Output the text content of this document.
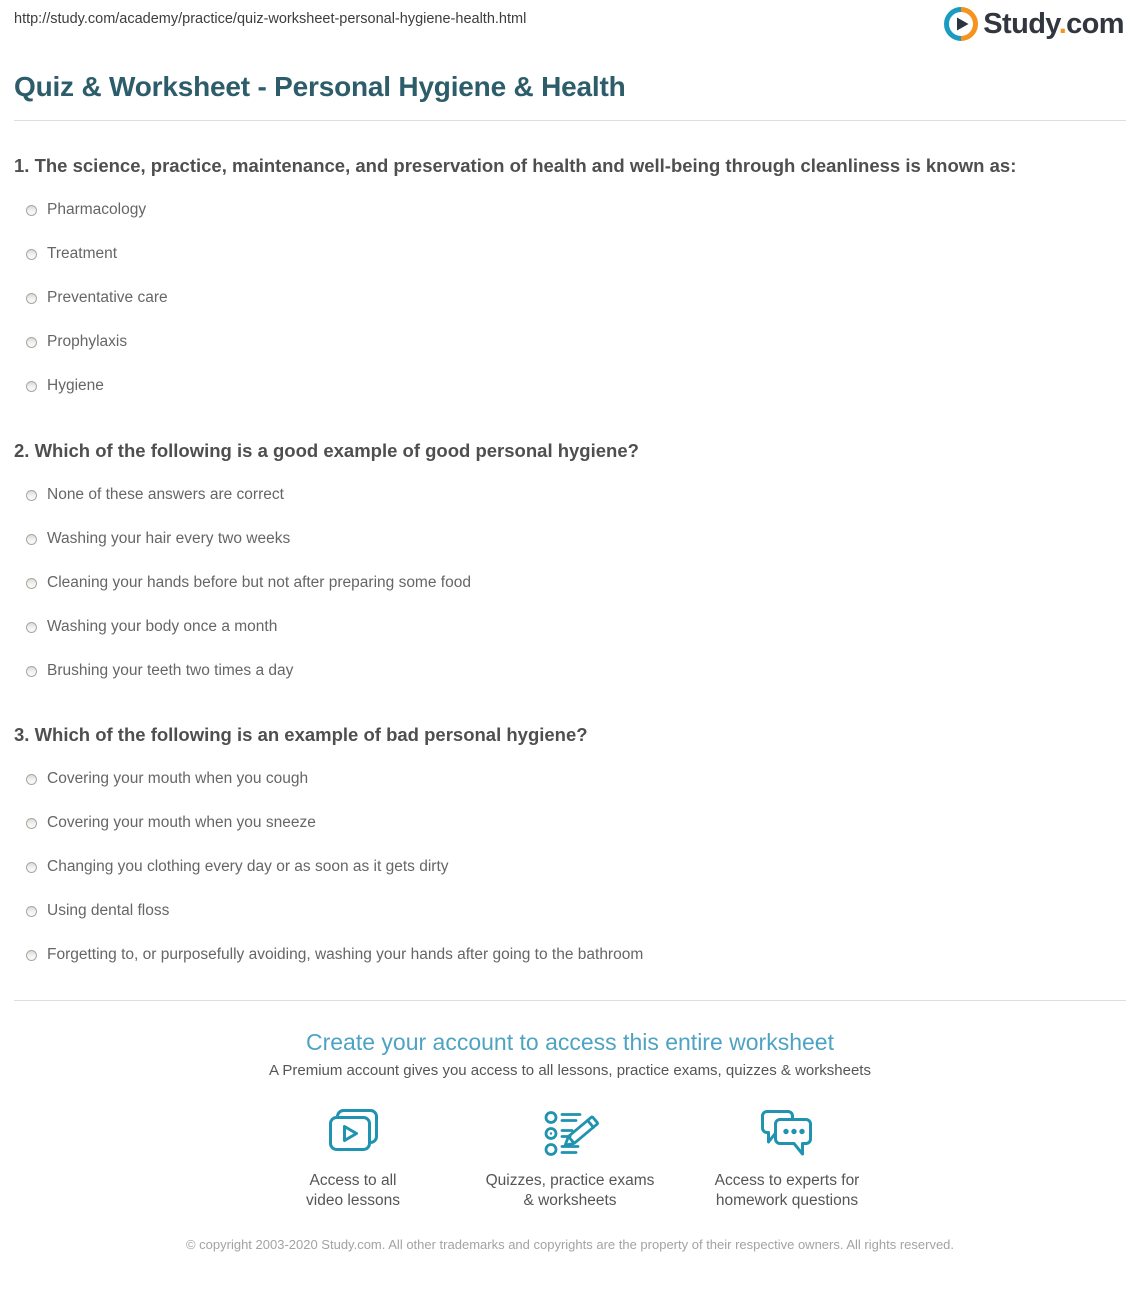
http://study.com/academy/practice/quiz-worksheet-personal-hygiene-health.html	Study.com
Quiz & Worksheet - Personal Hygiene & Health
1. The science, practice, maintenance, and preservation of health and well-being through cleanliness is known as:
Pharmacology
Treatment
Preventative care
Prophylaxis
Hygiene
2. Which of the following is a good example of good personal hygiene?
None of these answers are correct
Washing your hair every two weeks
Cleaning your hands before but not after preparing some food
Washing your body once a month
Brushing your teeth two times a day
3. Which of the following is an example of bad personal hygiene?
Covering your mouth when you cough
Covering your mouth when you sneeze
Changing you clothing every day or as soon as it gets dirty
Using dental floss
Forgetting to, or purposefully avoiding, washing your hands after going to the bathroom
Create your account to access this entire worksheet
A Premium account gives you access to all lessons, practice exams, quizzes & worksheets
Access to all
video lessons
Quizzes, practice exams
& worksheets
Access to experts for
homework questions
© copyright 2003-2020 Study.com. All other trademarks and copyrights are the property of their respective owners. All rights reserved.
